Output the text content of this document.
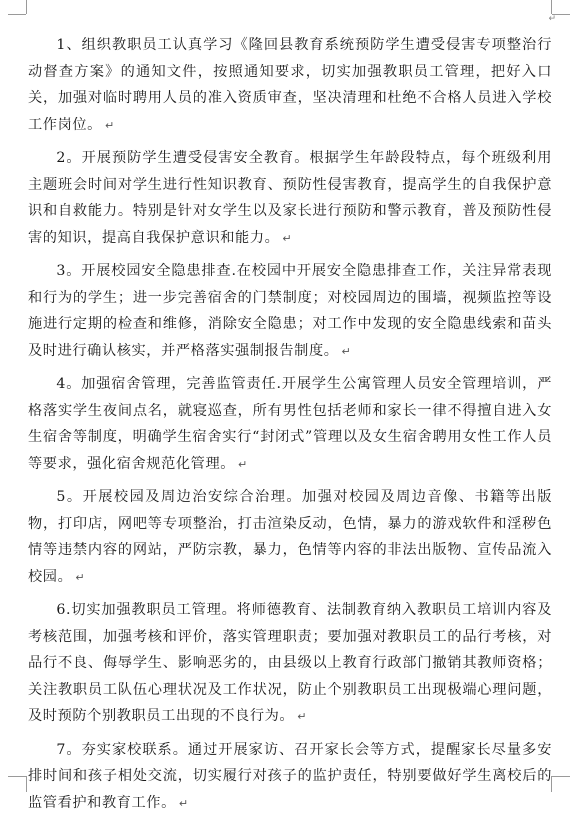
↵

1、组织教职员工认真学习《隆回县教育系统预防学生遭受侵害专项整治行动督查方案》的通知文件，按照通知要求，切实加强教职员工管理，把好入口关，加强对临时聘用人员的准入资质审查，坚决清理和杜绝不合格人员进入学校工作岗位。 ↵

2。开展预防学生遭受侵害安全教育。根据学生年龄段特点，每个班级利用主题班会时间对学生进行性知识教育、预防性侵害教育，提高学生的自我保护意识和自救能力。特别是针对女学生以及家长进行预防和警示教育，普及预防性侵害的知识，提高自我保护意识和能力。 ↵

3。开展校园安全隐患排查.在校园中开展安全隐患排查工作，关注异常表现和行为的学生；进一步完善宿舍的门禁制度；对校园周边的围墙，视频监控等设施进行定期的检查和维修，消除安全隐患；对工作中发现的安全隐患线索和苗头及时进行确认核实，并严格落实强制报告制度。 ↵

4。加强宿舍管理，完善监管责任.开展学生公寓管理人员安全管理培训，严格落实学生夜间点名，就寝巡查，所有男性包括老师和家长一律不得擅自进入女生宿舍等制度，明确学生宿舍实行“封闭式”管理以及女生宿舍聘用女性工作人员等要求，强化宿舍规范化管理。 ↵

5。开展校园及周边治安综合治理。加强对校园及周边音像、书籍等出版物，打印店，网吧等专项整治，打击渲染反动，色情，暴力的游戏软件和淫秽色情等违禁内容的网站，严防宗教，暴力，色情等内容的非法出版物、宣传品流入校园。 ↵

6.切实加强教职员工管理。将师德教育、法制教育纳入教职员工培训内容及考核范围，加强考核和评价，落实管理职责；要加强对教职员工的品行考核，对品行不良、侮辱学生、影响恶劣的，由县级以上教育行政部门撤销其教师资格；关注教职员工队伍心理状况及工作状况，防止个别教职员工出现极端心理问题，及时预防个别教职员工出现的不良行为。 ↵

7。夯实家校联系。通过开展家访、召开家长会等方式，提醒家长尽量多安排时间和孩子相处交流，切实履行对孩子的监护责任，特别要做好学生离校后的监管看护和教育工作。 ↵
